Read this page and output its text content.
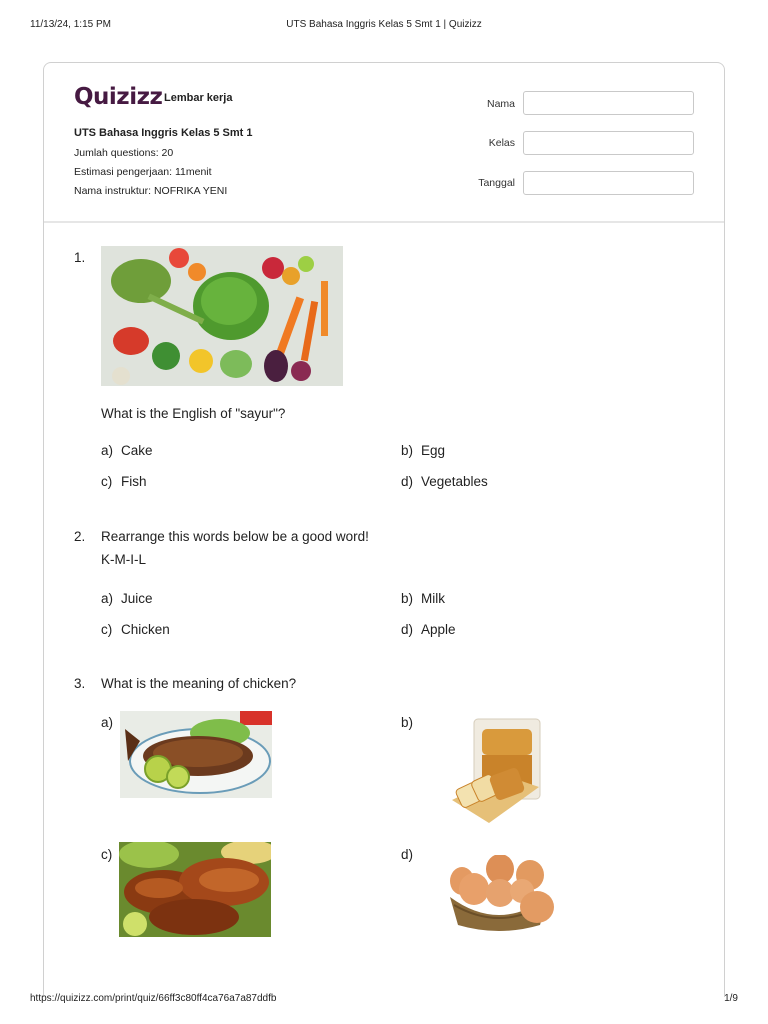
11/13/24, 1:15 PM	UTS Bahasa Inggris Kelas 5 Smt 1 | Quizizz
Quizizz Lembar kerja
UTS Bahasa Inggris Kelas 5 Smt 1
Jumlah questions: 20
Estimasi pengerjaan: 11menit
Nama instruktur: NOFRIKA YENI
Nama
Kelas
Tanggal
1.
What is the English of "sayur"?
a) Cake	b) Egg
c) Fish	d) Vegetables
2. Rearrange this words below be a good word!
K-M-I-L
a) Juice	b) Milk
c) Chicken	d) Apple
3. What is the meaning of chicken?
a)	b)
c)	d)
https://quizizz.com/print/quiz/66ff3c80ff4ca76a7a87ddfb	1/9
